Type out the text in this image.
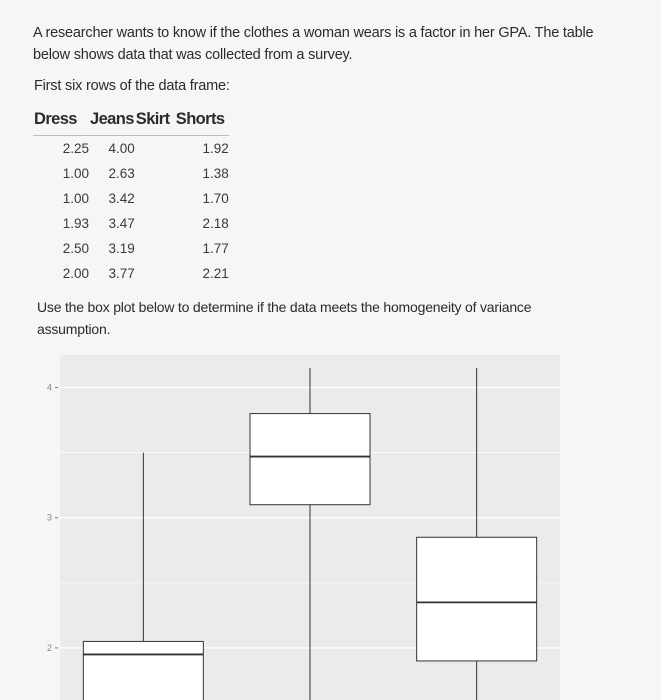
A researcher wants to know if the clothes a woman wears is a factor in her GPA. The table below shows data that was collected from a survey.
First six rows of the data frame:
Dress	Jeans	Skirt	Shorts
2.25	4.00		1.92
1.00	2.63		1.38
1.00	3.42		1.70
1.93	3.47		2.18
2.50	3.19		1.77
2.00	3.77		2.21
Use the box plot below to determine if the data meets the homogeneity of variance assumption.
2
3
4
